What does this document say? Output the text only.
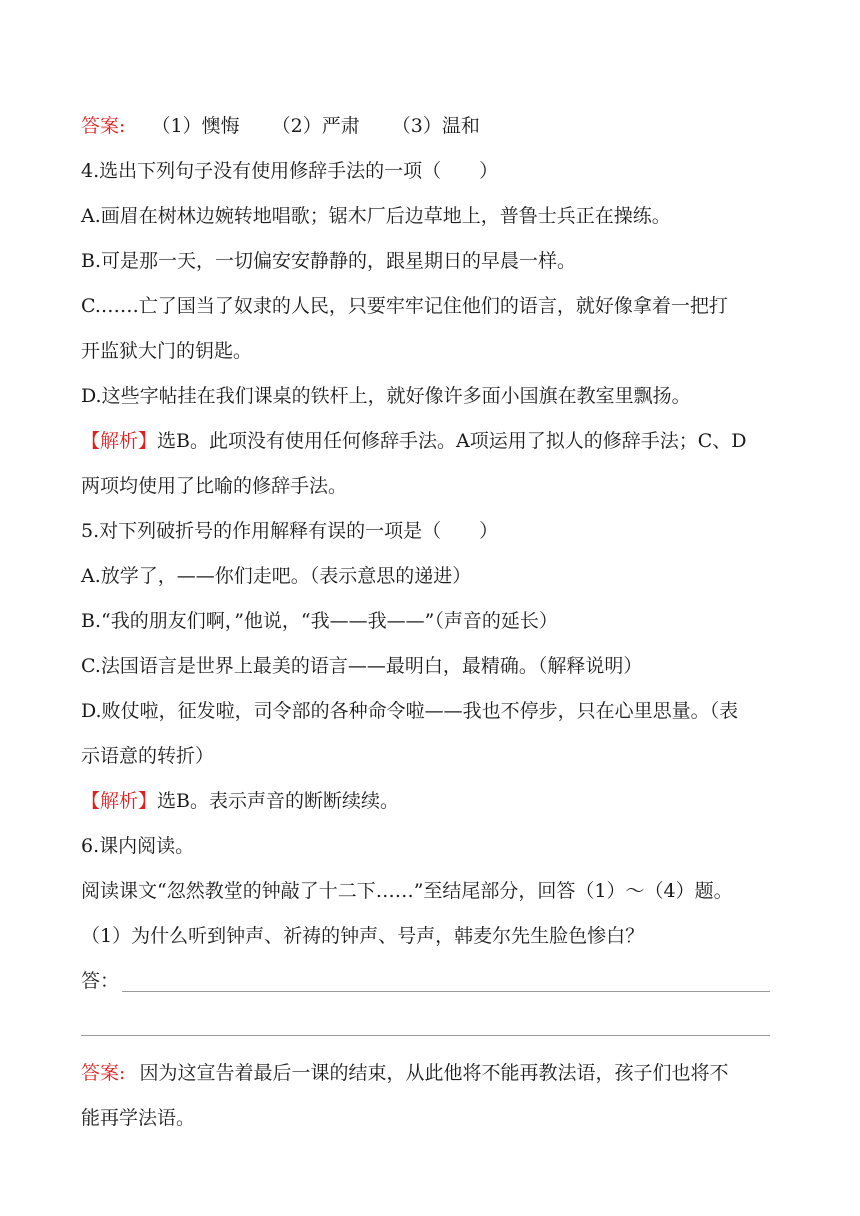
答案: （1）懊悔 （2）严肃 （3）温和
4.选出下列句子没有使用修辞手法的一项（　　）
A.画眉在树林边婉转地唱歌；锯木厂后边草地上，普鲁士兵正在操练。
B.可是那一天，一切偏安安静静的，跟星期日的早晨一样。
C.……亡了国当了奴隶的人民，只要牢牢记住他们的语言，就好像拿着一把打
开监狱大门的钥匙。
D.这些字帖挂在我们课桌的铁杆上，就好像许多面小国旗在教室里飘扬。
【解析】选B。此项没有使用任何修辞手法。A项运用了拟人的修辞手法；C、D
两项均使用了比喻的修辞手法。
5.对下列破折号的作用解释有误的一项是（　　）
A.放学了，——你们走吧。（表示意思的递进）
B.“我的朋友们啊，”他说，“我——我——”（声音的延长）
C.法国语言是世界上最美的语言——最明白，最精确。（解释说明）
D.败仗啦，征发啦，司令部的各种命令啦——我也不停步，只在心里思量。（表
示语意的转折）
【解析】选B。表示声音的断断续续。
6.课内阅读。
阅读课文“忽然教堂的钟敲了十二下……”至结尾部分，回答（1）～（4）题。
（1）为什么听到钟声、祈祷的钟声、号声，韩麦尔先生脸色惨白？
答：
答案: 因为这宣告着最后一课的结束，从此他将不能再教法语，孩子们也将不
能再学法语。
